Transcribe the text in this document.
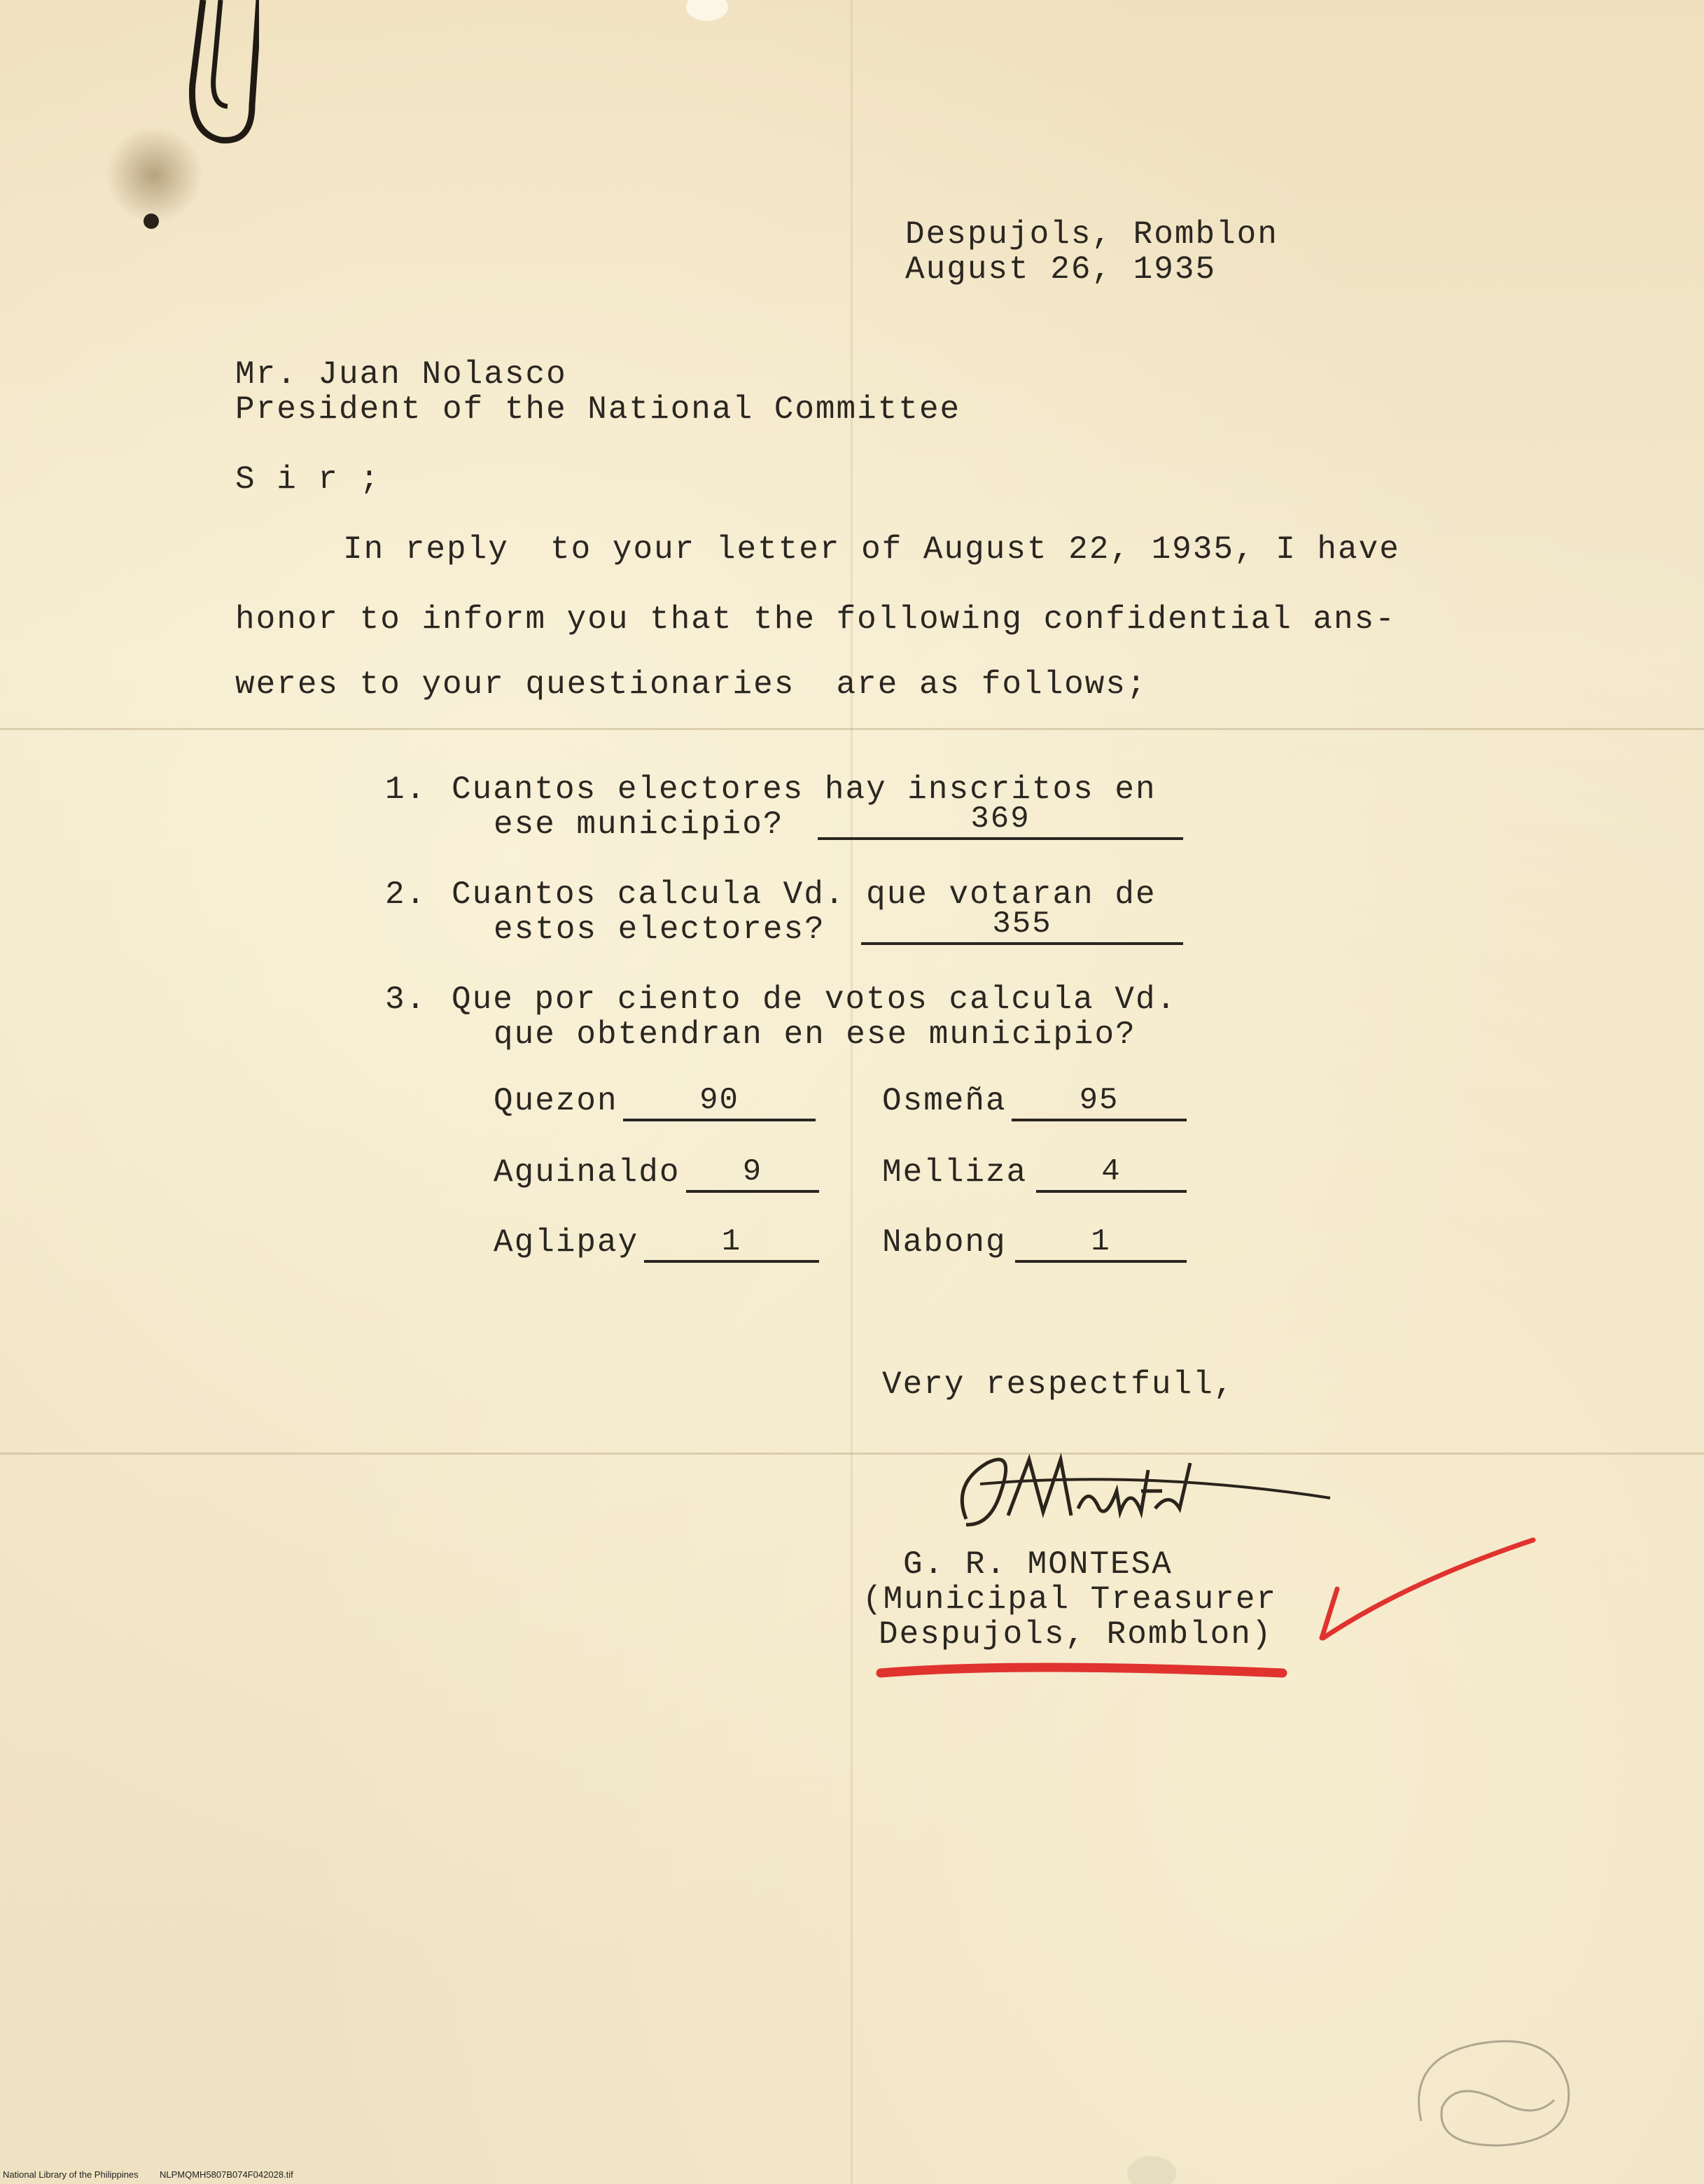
Despujols, Romblon
August 26, 1935
Mr. Juan Nolasco
President of the National Committee
S i r ;
In reply  to your letter of August 22, 1935, I have
honor to inform you that the following confidential ans-
weres to your questionaries  are as follows;
1. Cuantos electores hay inscritos en
ese municipio?	369
2. Cuantos calcula Vd. que votaran de
estos electores?	355
3. Que por ciento de votos calcula Vd.
que obtendran en ese municipio?
Quezon	90	Osmeña	95
Aguinaldo	9	Melliza	4
Aglipay	1	Nabong	1
Very respectfull,
G. R. MONTESA
(Municipal Treasurer
Despujols, Romblon)
National Library of the Philippines NLPMQMH5807B074F042028.tif
